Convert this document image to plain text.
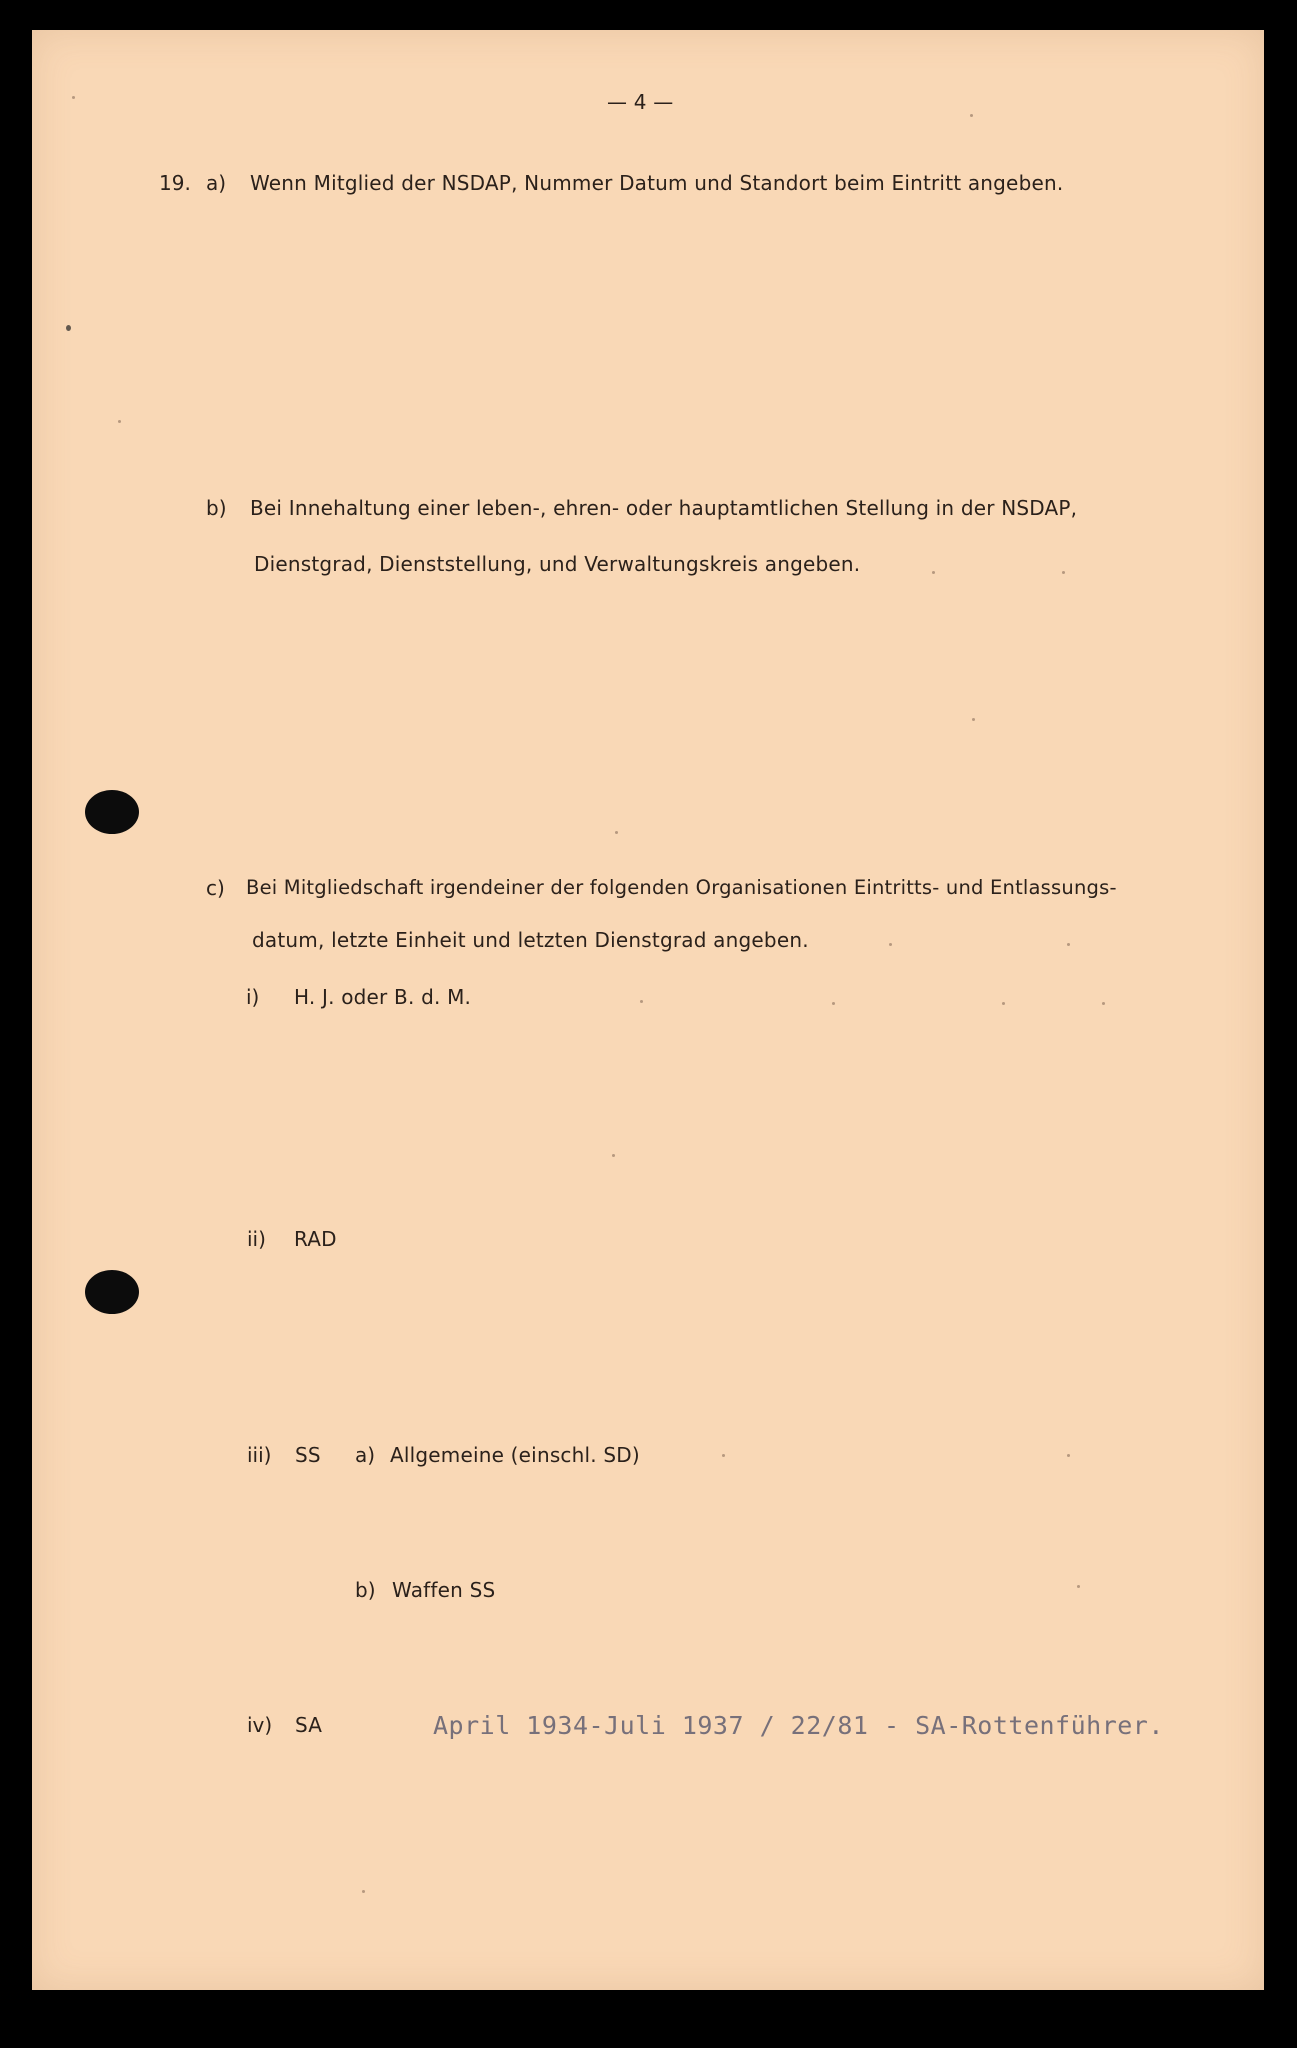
— 4 —
19. a) Wenn Mitglied der NSDAP, Nummer Datum und Standort beim Eintritt angeben.
b) Bei Innehaltung einer leben-, ehren- oder hauptamtlichen Stellung in der NSDAP,
Dienstgrad, Dienststellung, und Verwaltungskreis angeben.
c) Bei Mitgliedschaft irgendeiner der folgenden Organisationen Eintritts- und Entlassungs-
datum, letzte Einheit und letzten Dienstgrad angeben.
i) H. J. oder B. d. M.
ii) RAD
iii) SS a) Allgemeine (einschl. SD)
b) Waffen SS
iv) SA	April 1934-Juli 1937 / 22/81 - SA-Rottenführer.
